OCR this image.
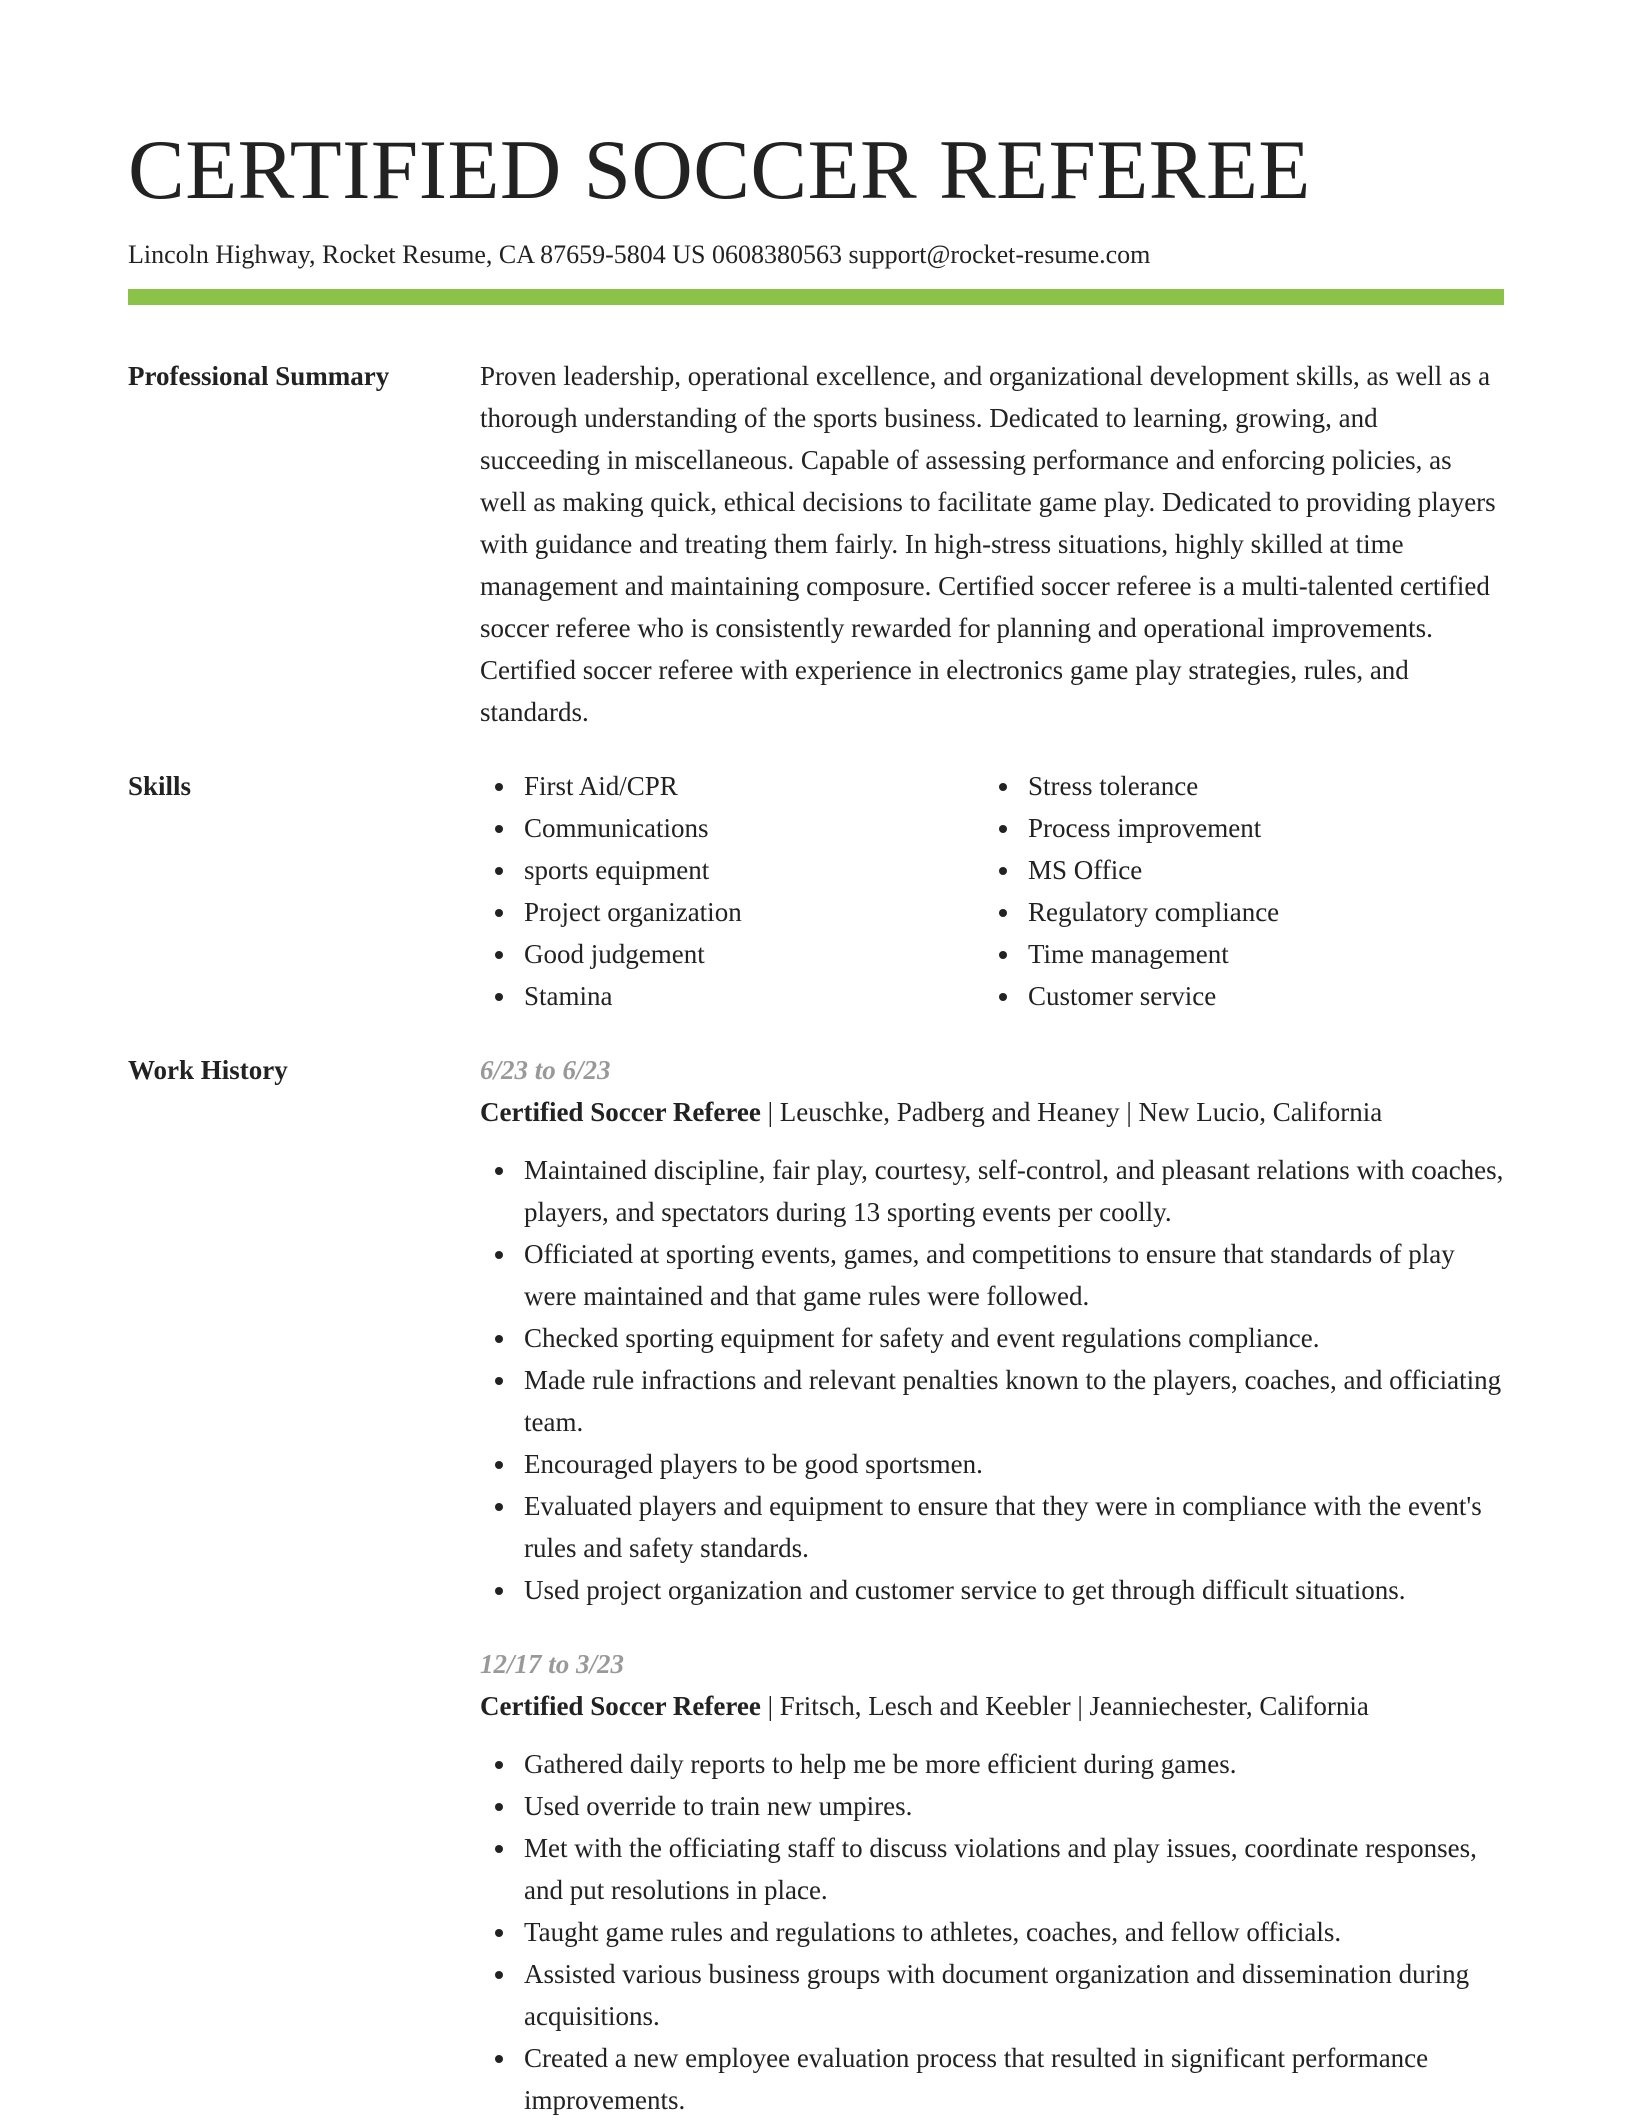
CERTIFIED SOCCER REFEREE
Lincoln Highway, Rocket Resume, CA 87659-5804 US 0608380563 support@rocket-resume.com
Professional Summary	Proven leadership, operational excellence, and organizational development skills, as well as a thorough understanding of the sports business. Dedicated to learning, growing, and succeeding in miscellaneous. Capable of assessing performance and enforcing policies, as well as making quick, ethical decisions to facilitate game play. Dedicated to providing players with guidance and treating them fairly. In high-stress situations, highly skilled at time management and maintaining composure. Certified soccer referee is a multi-talented certified soccer referee who is consistently rewarded for planning and operational improvements. Certified soccer referee with experience in electronics game play strategies, rules, and standards.
Skills	First Aid/CPR
Communications
sports equipment
Project organization
Good judgement
Stamina
Stress tolerance
Process improvement
MS Office
Regulatory compliance
Time management
Customer service
Work History	6/23 to 6/23
Certified Soccer Referee | Leuschke, Padberg and Heaney | New Lucio, California
Maintained discipline, fair play, courtesy, self-control, and pleasant relations with coaches, players, and spectators during 13 sporting events per coolly.
Officiated at sporting events, games, and competitions to ensure that standards of play were maintained and that game rules were followed.
Checked sporting equipment for safety and event regulations compliance.
Made rule infractions and relevant penalties known to the players, coaches, and officiating team.
Encouraged players to be good sportsmen.
Evaluated players and equipment to ensure that they were in compliance with the event's rules and safety standards.
Used project organization and customer service to get through difficult situations.
12/17 to 3/23
Certified Soccer Referee | Fritsch, Lesch and Keebler | Jeanniechester, California
Gathered daily reports to help me be more efficient during games.
Used override to train new umpires.
Met with the officiating staff to discuss violations and play issues, coordinate responses, and put resolutions in place.
Taught game rules and regulations to athletes, coaches, and fellow officials.
Assisted various business groups with document organization and dissemination during acquisitions.
Created a new employee evaluation process that resulted in significant performance improvements.
